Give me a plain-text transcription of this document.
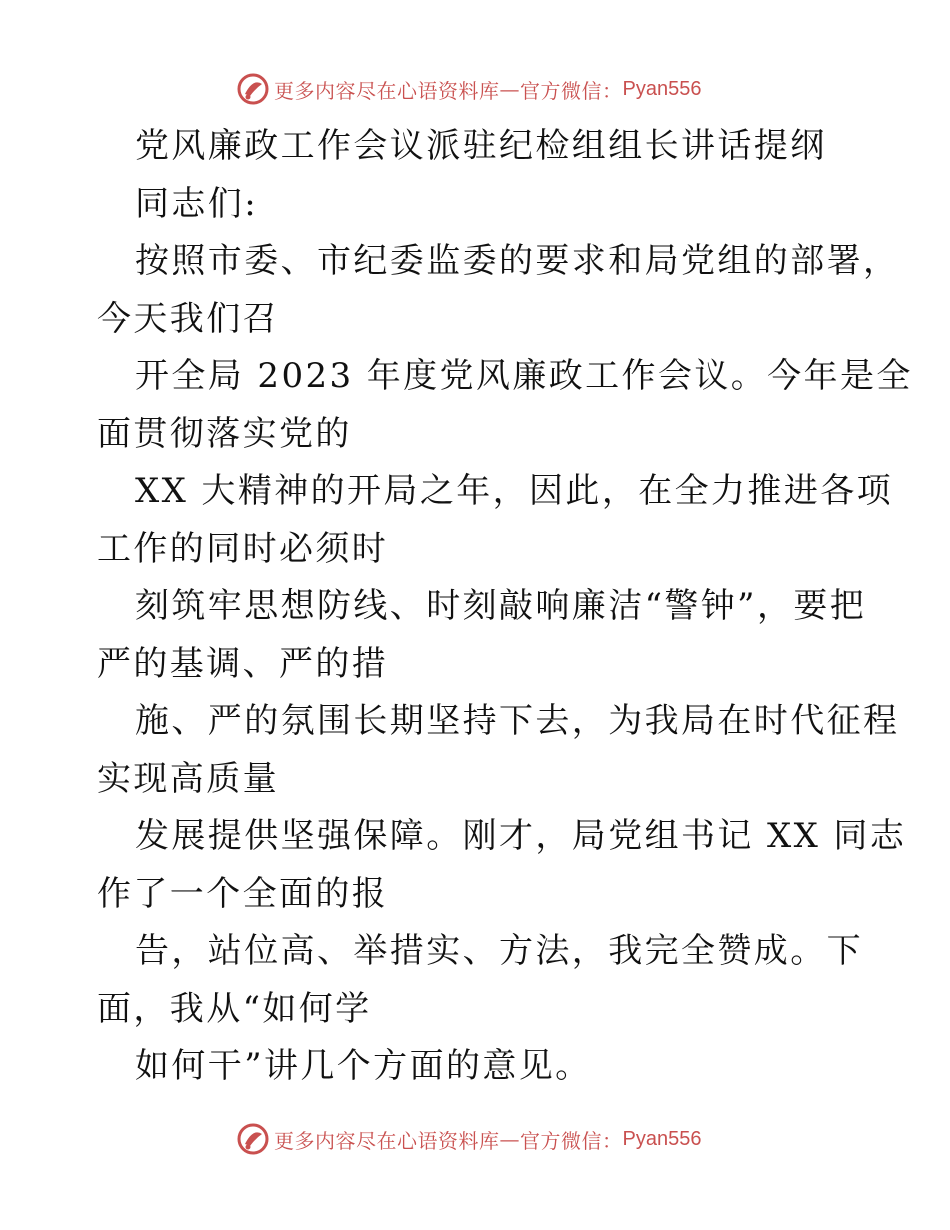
更多内容尽在心语资料库 — 官方微信： Pyan556
党风廉政工作会议派驻纪检组组长讲话提纲
同志们:
按照市委、市纪委监委的要求和局党组的部署，
今天我们召
开全局 2023 年度党风廉政工作会议。今年是全
面贯彻落实党的
XX 大精神的开局之年，因此，在全力推进各项
工作的同时必须时
刻筑牢思想防线、时刻敲响廉洁“警钟”，要把
严的基调、严的措
施、严的氛围长期坚持下去，为我局在时代征程
实现高质量
发展提供坚强保障。刚才，局党组书记 XX 同志
作了一个全面的报
告，站位高、举措实、方法，我完全赞成。下
面，我从“如何学
如何干”讲几个方面的意见。
更多内容尽在心语资料库 — 官方微信： Pyan556
